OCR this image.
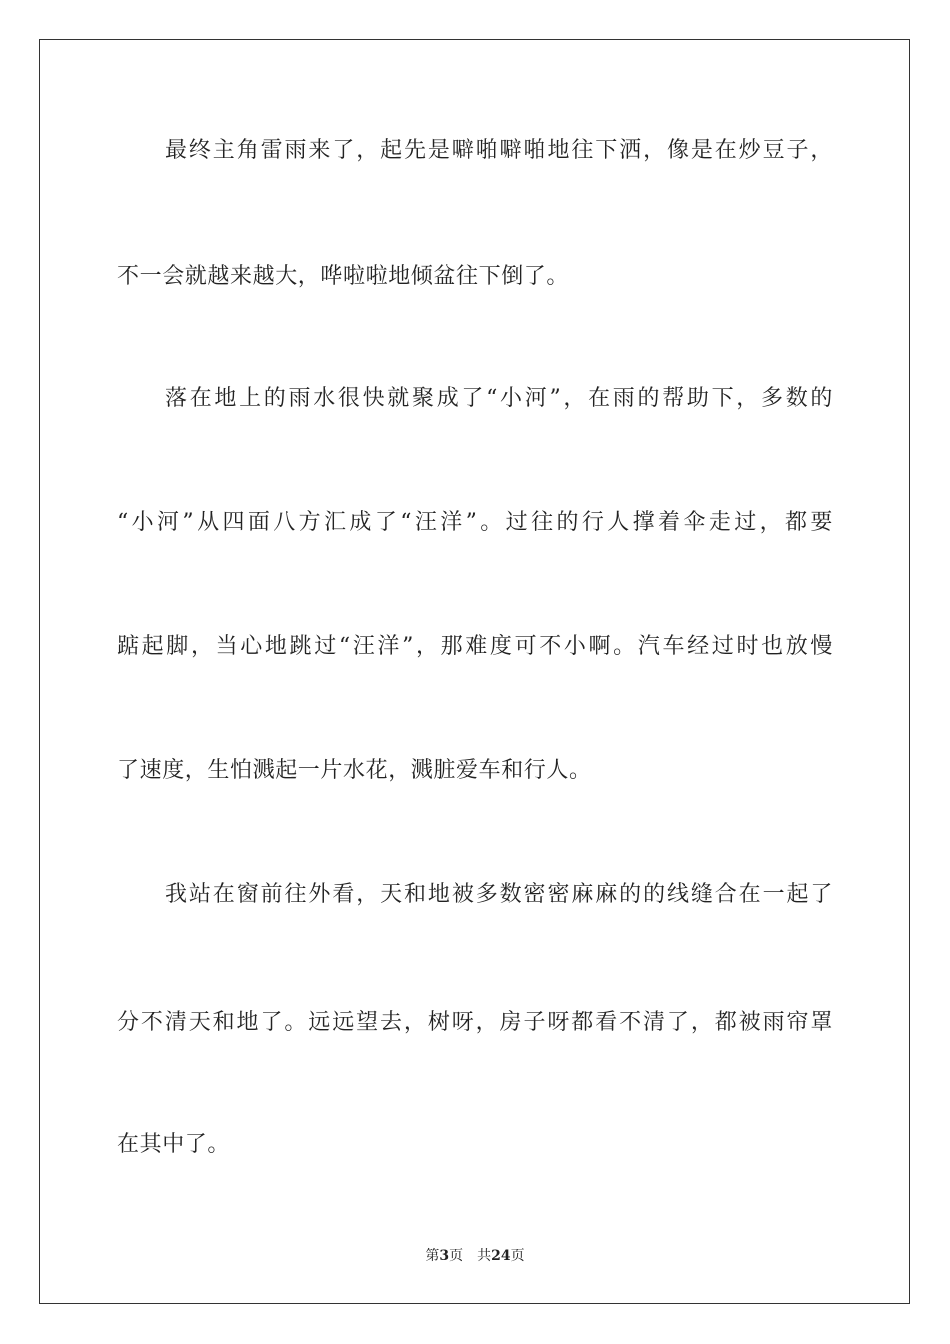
最终主角雷雨来了，起先是噼啪噼啪地往下洒，像是在炒豆子，
不一会就越来越大，哗啦啦地倾盆往下倒了。
落在地上的雨水很快就聚成了“小河”，在雨的帮助下，多数的
“小河”从四面八方汇成了“汪洋”。过往的行人撑着伞走过，都要
踮起脚，当心地跳过“汪洋”，那难度可不小啊。汽车经过时也放慢
了速度，生怕溅起一片水花，溅脏爱车和行人。
我站在窗前往外看，天和地被多数密密麻麻的的线缝合在一起了
分不清天和地了。远远望去，树呀，房子呀都看不清了，都被雨帘罩
在其中了。
第3页 共24页
